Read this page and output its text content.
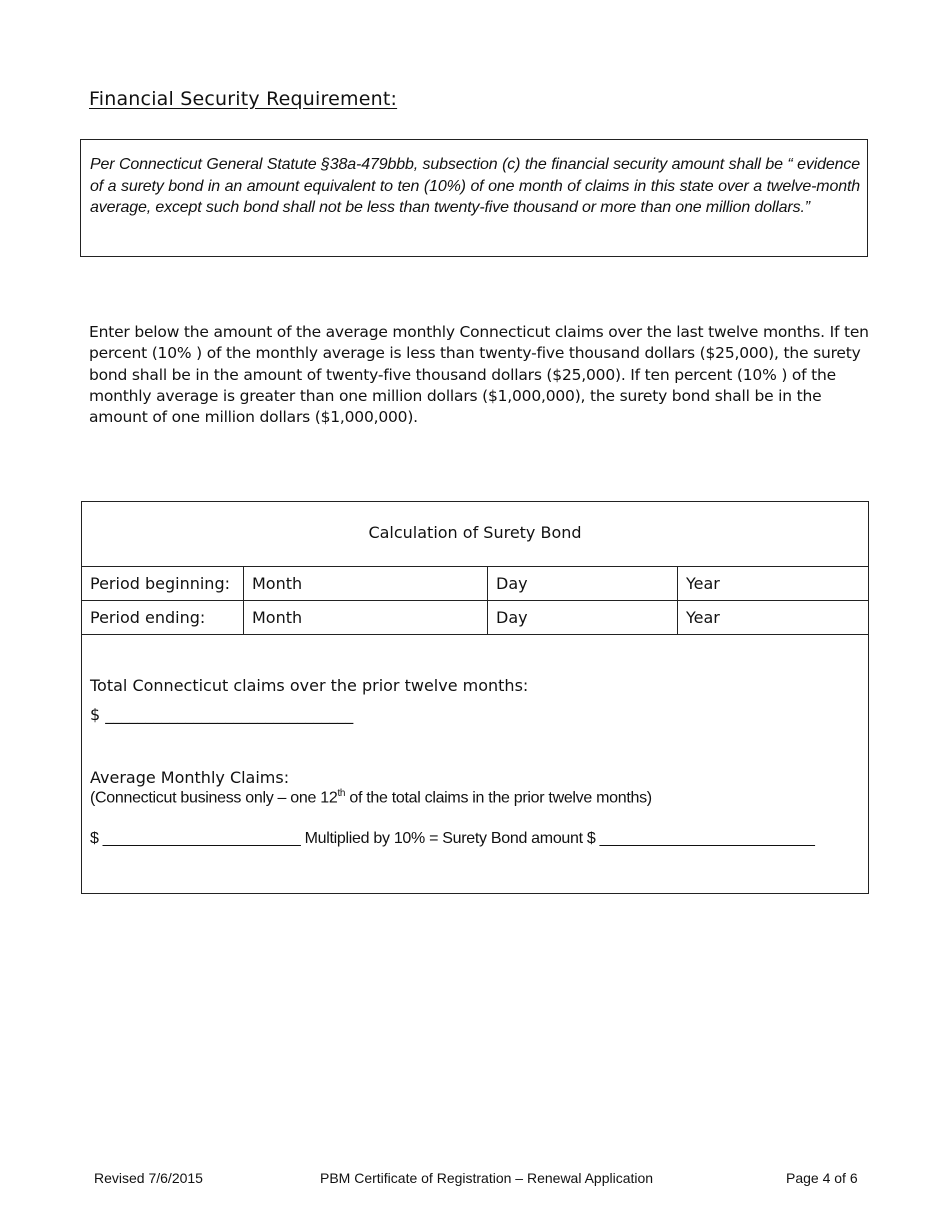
Financial Security Requirement:

Per Connecticut General Statute §38a-479bbb, subsection (c) the financial security amount shall be “ evidence of a surety bond in an amount equivalent to ten (10%) of one month of claims in this state over a twelve-month average, except such bond shall not be less than twenty-five thousand or more than one million dollars.”

Enter below the amount of the average monthly Connecticut claims over the last twelve months. If ten percent (10% ) of the monthly average is less than twenty-five thousand dollars ($25,000), the surety bond shall be in the amount of twenty-five thousand dollars ($25,000). If ten percent (10% ) of the monthly average is greater than one million dollars ($1,000,000), the surety bond shall be in the amount of one million dollars ($1,000,000).

Calculation of Surety Bond
Period beginning:	Month	Day	Year
Period ending:	Month	Day	Year

Total Connecticut claims over the prior twelve months:

$ _______________________________

Average Monthly Claims:

(Connecticut business only – one 12th of the total claims in the prior twelve months)

$ _______________________ Multiplied by 10% = Surety Bond amount $ _________________________

Revised 7/6/2015	PBM Certificate of Registration – Renewal Application	Page 4 of 6
